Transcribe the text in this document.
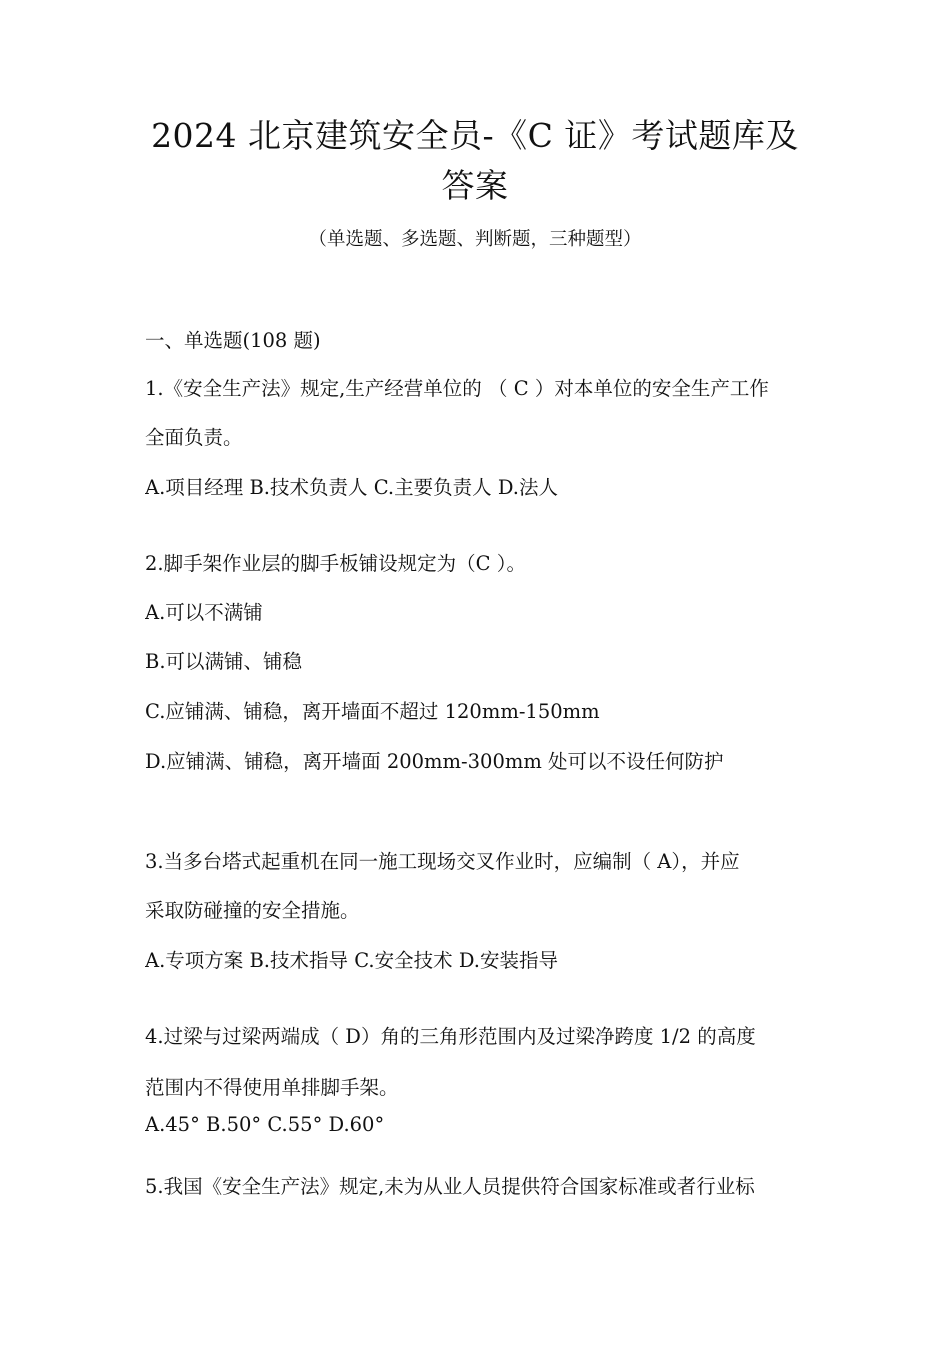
2024 北京建筑安全员-《C 证》考试题库及
答案
（单选题、多选题、判断题，三种题型）
一、单选题(108 题)
1.《安全生产法》规定,生产经营单位的 （ C ）对本单位的安全生产工作
全面负责。
A.项目经理 B.技术负责人 C.主要负责人 D.法人
2.脚手架作业层的脚手板铺设规定为（C ）。
A.可以不满铺
B.可以满铺、铺稳
C.应铺满、铺稳，离开墙面不超过 120mm-150mm
D.应铺满、铺稳，离开墙面 200mm-300mm 处可以不设任何防护
3.当多台塔式起重机在同一施工现场交叉作业时，应编制（ A），并应
采取防碰撞的安全措施。
A.专项方案 B.技术指导 C.安全技术 D.安装指导
4.过梁与过梁两端成（ D）角的三角形范围内及过梁净跨度 1/2 的高度
范围内不得使用单排脚手架。
A.45° B.50° C.55° D.60°
5.我国《安全生产法》规定,未为从业人员提供符合国家标准或者行业标
